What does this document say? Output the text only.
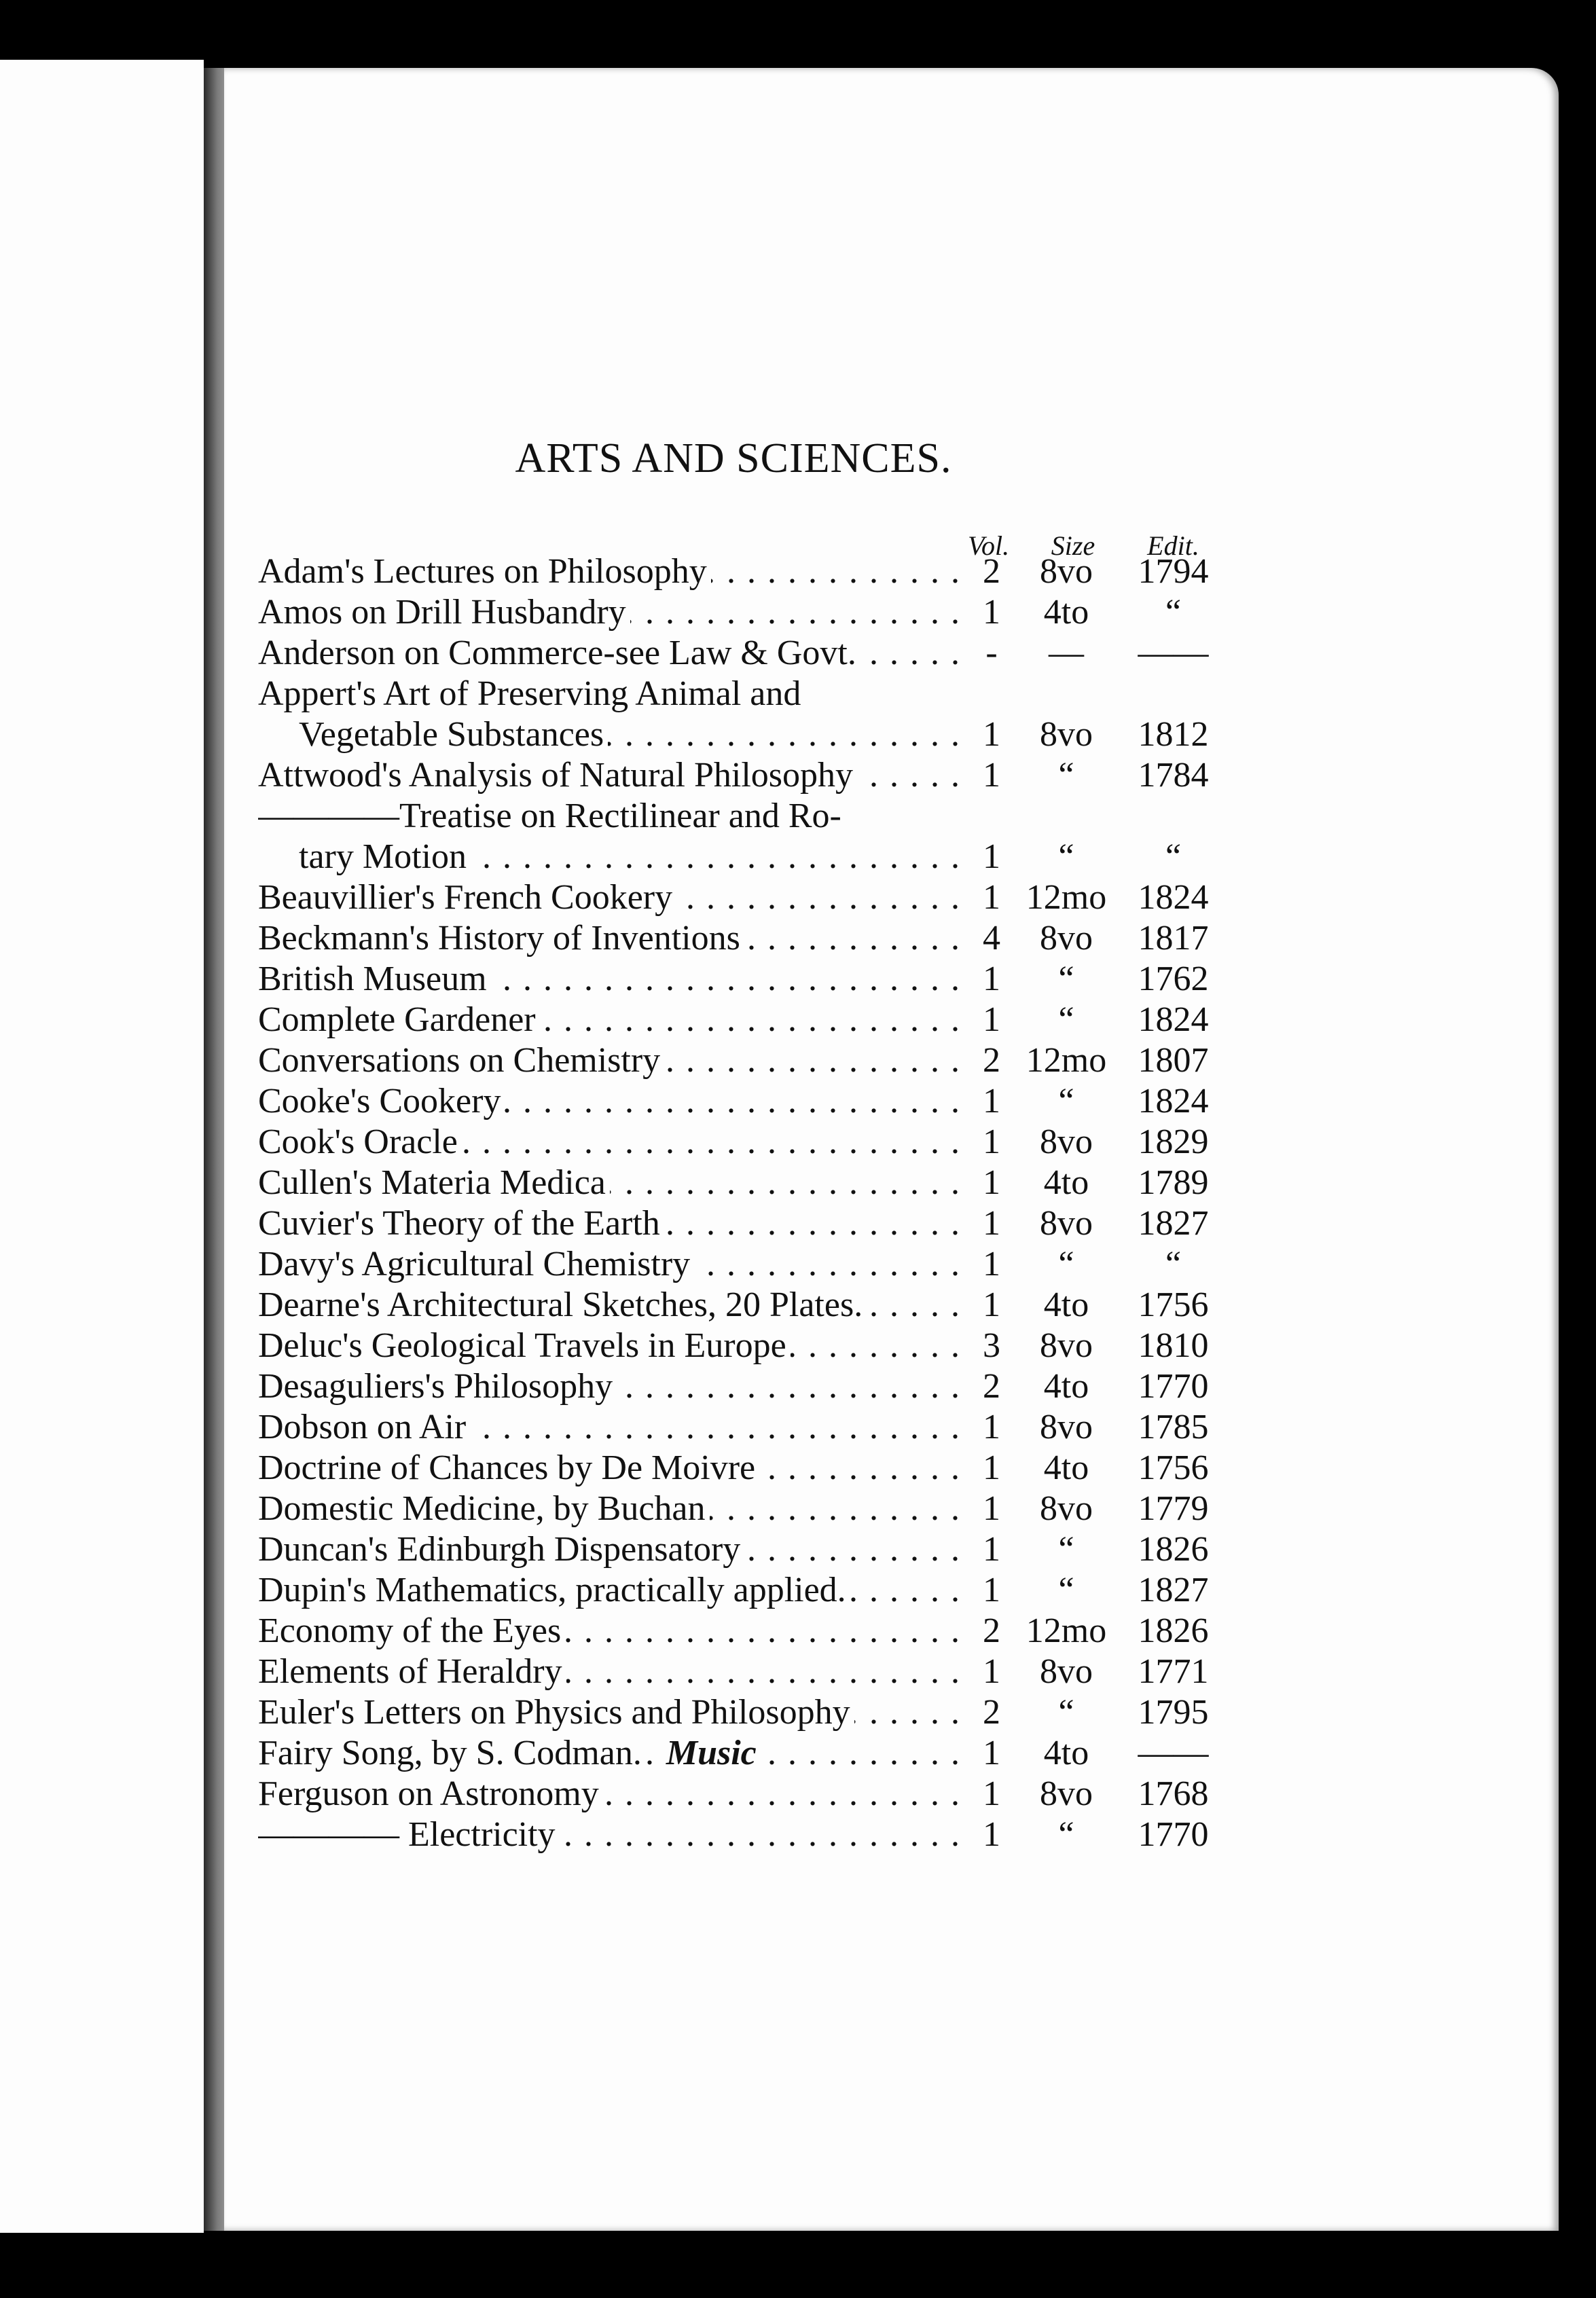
ARTS AND SCIENCES.
Vol.	Size	Edit.
Adam's Lectures on Philosophy . . .	2	8vo	1794
Amos on Drill Husbandry . . .	1	4to	“
Anderson on Commerce-see Law & Govt. . . .	-	—	——
Appert's Art of Preserving Animal and
Vegetable Substances . . .	1	8vo	1812
Attwood's Analysis of Natural Philosophy . . .	1	“	1784
————Treatise on Rectilinear and Ro-
tary Motion . . .	1	“	“
Beauvillier's French Cookery . . .	1 12mo 1824
Beckmann's History of Inventions . . .	4	8vo	1817
British Museum . . .	1	“	1762
Complete Gardener . . .	1	“	1824
Conversations on Chemistry . . .	2 12mo 1807
Cooke's Cookery . . .	1	“	1824
Cook's Oracle . . .	1	8vo	1829
Cullen's Materia Medica . . .	1	4to	1789
Cuvier's Theory of the Earth . . .	1	8vo	1827
Davy's Agricultural Chemistry . . .	1	“	“
Dearne's Architectural Sketches, 20 Plates. . . .	1	4to	1756
Deluc's Geological Travels in Europe . . .	3	8vo	1810
Desaguliers's Philosophy . . .	2	4to	1770
Dobson on Air . . .	1	8vo	1785
Doctrine of Chances by De Moivre . . .	1	4to	1756
Domestic Medicine, by Buchan . . .	1	8vo	1779
Duncan's Edinburgh Dispensatory . . .	1	“	1826
Dupin's Mathematics, practically applied. . . .	1	“	1827
Economy of the Eyes . . .	2 12mo 1826
Elements of Heraldry . . .	1	8vo	1771
Euler's Letters on Physics and Philosophy . . .	2	“	1795
Fairy Song, by S. Codman. Music . . .	1	4to	——
Ferguson on Astronomy . . .	1	8vo	1768
———— Electricity . . .	1	“	1770
